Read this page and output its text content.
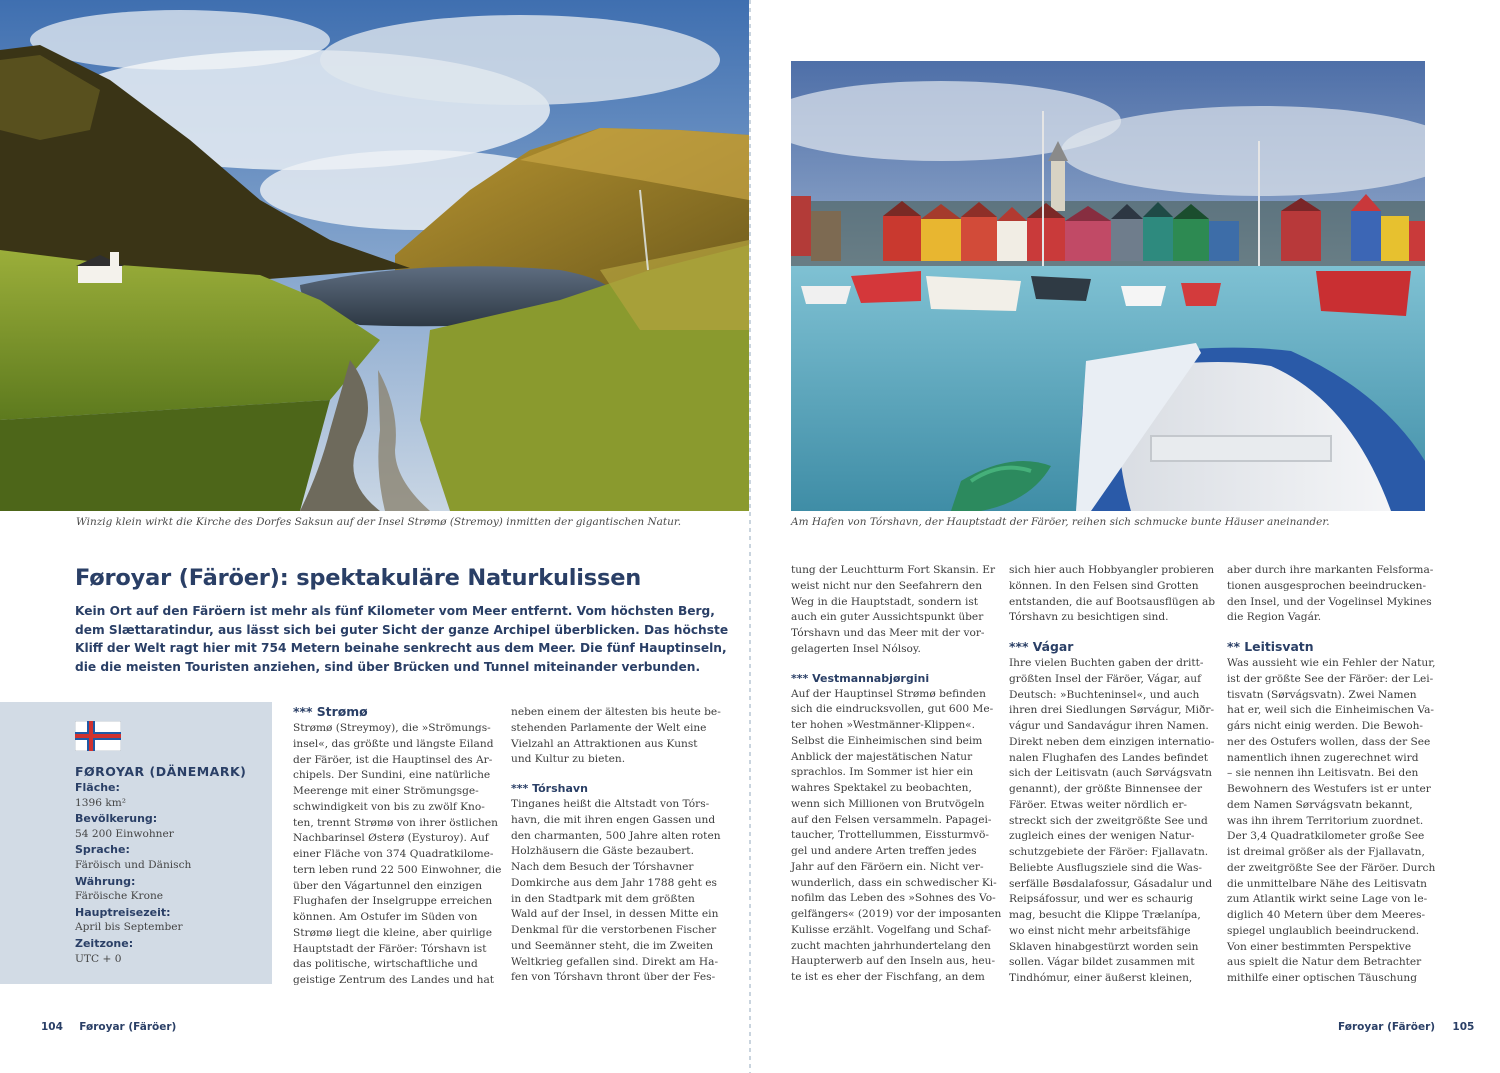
Winzig klein wirkt die Kirche des Dorfes Saksun auf der Insel Strømø (Stremoy) inmitten der gigantischen Natur.	Am Hafen von Tórshavn, der Hauptstadt der Färöer, reihen sich schmucke bunte Häuser aneinander.
Føroyar (Färöer): spektakuläre Naturkulissen
Kein Ort auf den Färöern ist mehr als fünf Kilometer vom Meer entfernt. Vom höchsten Berg,
dem Slættaratindur, aus lässt sich bei guter Sicht der ganze Archipel überblicken. Das höchste
Kliff der Welt ragt hier mit 754 Metern beinahe senkrecht aus dem Meer. Die fünf Hauptinseln,
die die meisten Touristen anziehen, sind über Brücken und Tunnel miteinander verbunden.
FØROYAR (DÄNEMARK)
Fläche:
1396 km²
Bevölkerung:
54 200 Einwohner
Sprache:
Färöisch und Dänisch
Währung:
Färöische Krone
Hauptreisezeit:
April bis September
Zeitzone:
UTC + 0
*** Strømø
Strømø (Streymoy), die »Strömungs-
insel«, das größte und längste Eiland
der Färöer, ist die Hauptinsel des Ar-
chipels. Der Sundini, eine natürliche
Meerenge mit einer Strömungsge-
schwindigkeit von bis zu zwölf Kno-
ten, trennt Strømø von ihrer östlichen
Nachbarinsel Østerø (Eysturoy). Auf
einer Fläche von 374 Quadratkilome-
tern leben rund 22 500 Einwohner, die
über den Vágartunnel den einzigen
Flughafen der Inselgruppe erreichen
können. Am Ostufer im Süden von
Strømø liegt die kleine, aber quirlige
Hauptstadt der Färöer: Tórshavn ist
das politische, wirtschaftliche und
geistige Zentrum des Landes und hat
neben einem der ältesten bis heute be-
stehenden Parlamente der Welt eine
Vielzahl an Attraktionen aus Kunst
und Kultur zu bieten.
*** Tórshavn
Tinganes heißt die Altstadt von Tórs-
havn, die mit ihren engen Gassen und
den charmanten, 500 Jahre alten roten
Holzhäusern die Gäste bezaubert.
Nach dem Besuch der Tórshavner
Domkirche aus dem Jahr 1788 geht es
in den Stadtpark mit dem größten
Wald auf der Insel, in dessen Mitte ein
Denkmal für die verstorbenen Fischer
und Seemänner steht, die im Zweiten
Weltkrieg gefallen sind. Direkt am Ha-
fen von Tórshavn thront über der Fes-
104 Føroyar (Färöer)
tung der Leuchtturm Fort Skansin. Er
weist nicht nur den Seefahrern den
Weg in die Hauptstadt, sondern ist
auch ein guter Aussichtspunkt über
Tórshavn und das Meer mit der vor-
gelagerten Insel Nólsoy.
*** Vestmannabjørgini
Auf der Hauptinsel Strømø befinden
sich die eindrucksvollen, gut 600 Me-
ter hohen »Westmänner-Klippen«.
Selbst die Einheimischen sind beim
Anblick der majestätischen Natur
sprachlos. Im Sommer ist hier ein
wahres Spektakel zu beobachten,
wenn sich Millionen von Brutvögeln
auf den Felsen versammeln. Papagei-
taucher, Trottellummen, Eissturmvö-
gel und andere Arten treffen jedes
Jahr auf den Färöern ein. Nicht ver-
wunderlich, dass ein schwedischer Ki-
nofilm das Leben des »Sohnes des Vo-
gelfängers« (2019) vor der imposanten
Kulisse erzählt. Vogelfang und Schaf-
zucht machten jahrhundertelang den
Haupterwerb auf den Inseln aus, heu-
te ist es eher der Fischfang, an dem
sich hier auch Hobbyangler probieren
können. In den Felsen sind Grotten
entstanden, die auf Bootsausflügen ab
Tórshavn zu besichtigen sind.
*** Vágar
Ihre vielen Buchten gaben der dritt-
größten Insel der Färöer, Vágar, auf
Deutsch: »Buchteninsel«, und auch
ihren drei Siedlungen Sørvágur, Miðr-
vágur und Sandavágur ihren Namen.
Direkt neben dem einzigen internatio-
nalen Flughafen des Landes befindet
sich der Leitisvatn (auch Sørvágsvatn
genannt), der größte Binnensee der
Färöer. Etwas weiter nördlich er-
streckt sich der zweitgrößte See und
zugleich eines der wenigen Natur-
schutzgebiete der Färöer: Fjallavatn.
Beliebte Ausflugsziele sind die Was-
serfälle Bøsdalafossur, Gásadalur und
Reipsáfossur, und wer es schaurig
mag, besucht die Klippe Trælanípa,
wo einst nicht mehr arbeitsfähige
Sklaven hinabgestürzt worden sein
sollen. Vágar bildet zusammen mit
Tindhómur, einer äußerst kleinen,
aber durch ihre markanten Felsforma-
tionen ausgesprochen beeindrucken-
den Insel, und der Vogelinsel Mykines
die Region Vagár.
** Leitisvatn
Was aussieht wie ein Fehler der Natur,
ist der größte See der Färöer: der Lei-
tisvatn (Sørvágsvatn). Zwei Namen
hat er, weil sich die Einheimischen Va-
gárs nicht einig werden. Die Bewoh-
ner des Ostufers wollen, dass der See
namentlich ihnen zugerechnet wird
– sie nennen ihn Leitisvatn. Bei den
Bewohnern des Westufers ist er unter
dem Namen Sørvágsvatn bekannt,
was ihn ihrem Territorium zuordnet.
Der 3,4 Quadratkilometer große See
ist dreimal größer als der Fjallavatn,
der zweitgrößte See der Färöer. Durch
die unmittelbare Nähe des Leitisvatn
zum Atlantik wirkt seine Lage von le-
diglich 40 Metern über dem Meeres-
spiegel unglaublich beeindruckend.
Von einer bestimmten Perspektive
aus spielt die Natur dem Betrachter
mithilfe einer optischen Täuschung
Føroyar (Färöer) 105
